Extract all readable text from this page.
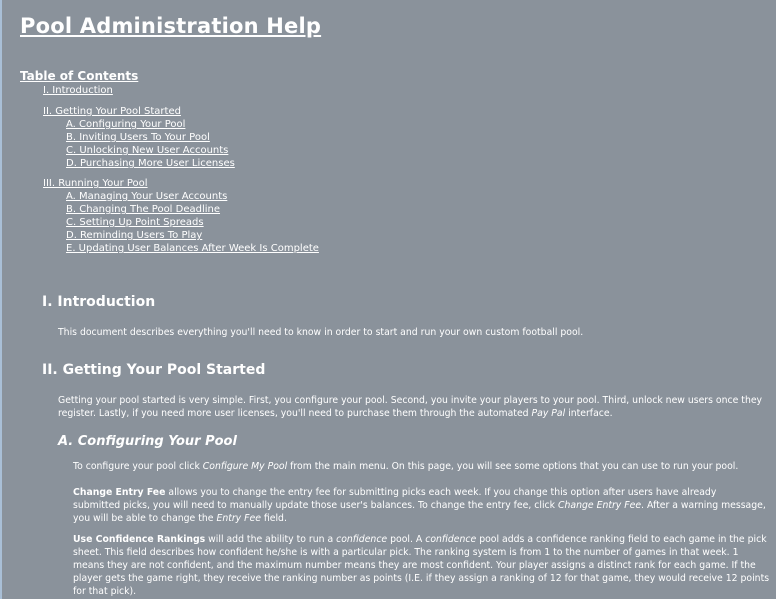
Pool Administration Help
Table of Contents
I. Introduction
II. Getting Your Pool Started
A. Configuring Your Pool
B. Inviting Users To Your Pool
C. Unlocking New User Accounts
D. Purchasing More User Licenses
III. Running Your Pool
A. Managing Your User Accounts
B. Changing The Pool Deadline
C. Setting Up Point Spreads
D. Reminding Users To Play
E. Updating User Balances After Week Is Complete
I. Introduction

This document describes everything you'll need to know in order to start and run your own custom football pool.

II. Getting Your Pool Started

Getting your pool started is very simple. First, you configure your pool. Second, you invite your players to your pool. Third, unlock new users once they register. Lastly, if you need more user licenses, you'll need to purchase them through the automated Pay Pal interface.

A. Configuring Your Pool

To configure your pool click Configure My Pool from the main menu. On this page, you will see some options that you can use to run your pool.

Change Entry Fee allows you to change the entry fee for submitting picks each week. If you change this option after users have already submitted picks, you will need to manually update those user's balances. To change the entry fee, click Change Entry Fee. After a warning message, you will be able to change the Entry Fee field.

Use Confidence Rankings will add the ability to run a confidence pool. A confidence pool adds a confidence ranking field to each game in the pick sheet. This field describes how confident he/she is with a particular pick. The ranking system is from 1 to the number of games in that week. 1 means they are not confident, and the maximum number means they are most confident. Your player assigns a distinct rank for each game. If the player gets the game right, they receive the ranking number as points (I.E. if they assign a ranking of 12 for that game, they would receive 12 points for that pick).
